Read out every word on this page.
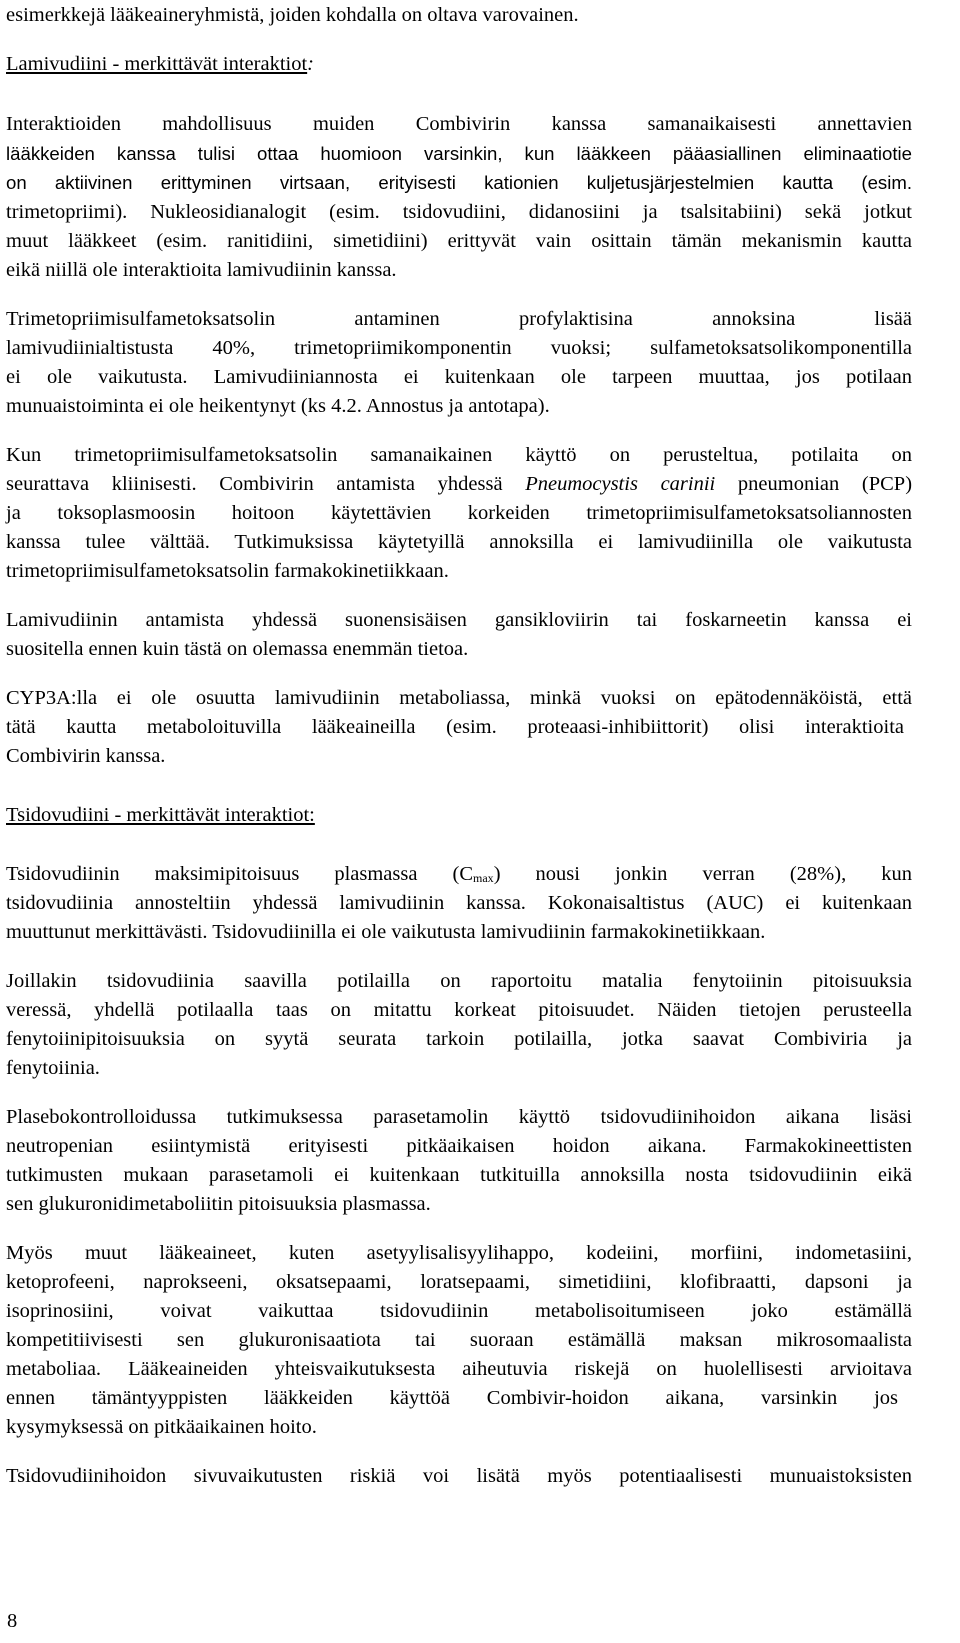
esimerkkejä lääkeaineryhmistä, joiden kohdalla on oltava varovainen.
Lamivudiini - merkittävät interaktiot:
Interaktioiden mahdollisuus muiden Combivirin kanssa samanaikaisesti annettavien
lääkkeiden kanssa tulisi ottaa huomioon varsinkin, kun lääkkeen pääasiallinen eliminaatiotie
on aktiivinen erittyminen virtsaan, erityisesti kationien kuljetusjärjestelmien kautta (esim.
trimetopriimi). Nukleosidianalogit (esim. tsidovudiini, didanosiini ja tsalsitabiini) sekä jotkut
muut lääkkeet (esim. ranitidiini, simetidiini) erittyvät vain osittain tämän mekanismin kautta
eikä niillä ole interaktioita lamivudiinin kanssa.
Trimetopriimisulfametoksatsolin antaminen profylaktisina annoksina lisää
lamivudiinialtistusta 40%, trimetopriimikomponentin vuoksi; sulfametoksatsolikomponentilla
ei ole vaikutusta. Lamivudiiniannosta ei kuitenkaan ole tarpeen muuttaa, jos potilaan
munuaistoiminta ei ole heikentynyt (ks 4.2. Annostus ja antotapa).
Kun trimetopriimisulfametoksatsolin samanaikainen käyttö on perusteltua, potilaita on
seurattava kliinisesti. Combivirin antamista yhdessä Pneumocystis carinii pneumonian (PCP)
ja toksoplasmoosin hoitoon käytettävien korkeiden trimetopriimisulfametoksatsoliannosten
kanssa tulee välttää. Tutkimuksissa käytetyillä annoksilla ei lamivudiinilla ole vaikutusta
trimetopriimisulfametoksatsolin farmakokinetiikkaan.
Lamivudiinin antamista yhdessä suonensisäisen gansikloviirin tai foskarneetin kanssa ei
suositella ennen kuin tästä on olemassa enemmän tietoa.
CYP3A:lla ei ole osuutta lamivudiinin metaboliassa, minkä vuoksi on epätodennäköistä, että
tätä kautta metaboloituvilla lääkeaineilla (esim. proteaasi-inhibiittorit) olisi interaktioita
Combivirin kanssa.
Tsidovudiini - merkittävät interaktiot:
Tsidovudiinin maksimipitoisuus plasmassa $(C_{max})$ nousi jonkin verran (28%), kun
tsidovudiinia annosteltiin yhdessä lamivudiinin kanssa. Kokonaisaltistus (AUC) ei kuitenkaan
muuttunut merkittävästi. Tsidovudiinilla ei ole vaikutusta lamivudiinin farmakokinetiikkaan.
Joillakin tsidovudiinia saavilla potilailla on raportoitu matalia fenytoiinin pitoisuuksia
veressä, yhdellä potilaalla taas on mitattu korkeat pitoisuudet. Näiden tietojen perusteella
fenytoiinipitoisuuksia on syytä seurata tarkoin potilailla, jotka saavat Combiviria ja
fenytoiinia.
Plasebokontrolloidussa tutkimuksessa parasetamolin käyttö tsidovudiinihoidon aikana lisäsi
neutropenian esiintymistä erityisesti pitkäaikaisen hoidon aikana. Farmakokineettisten
tutkimusten mukaan parasetamoli ei kuitenkaan tutkituilla annoksilla nosta tsidovudiinin eikä
sen glukuronidimetaboliitin pitoisuuksia plasmassa.
Myös muut lääkeaineet, kuten asetyylisalisyylihappo, kodeiini, morfiini, indometasiini,
ketoprofeeni, naprokseeni, oksatsepaami, loratsepaami, simetidiini, klofibraatti, dapsoni ja
isoprinosiini, voivat vaikuttaa tsidovudiinin metabolisoitumiseen joko estämällä
kompetitiivisesti sen glukuronisaatiota tai suoraan estämällä maksan mikrosomaalista
metaboliaa. Lääkeaineiden yhteisvaikutuksesta aiheutuvia riskejä on huolellisesti arvioitava
ennen tämäntyyppisten lääkkeiden käyttöä Combivir-hoidon aikana, varsinkin jos
kysymyksessä on pitkäaikainen hoito.
Tsidovudiinihoidon sivuvaikutusten riskiä voi lisätä myös potentiaalisesti munuaistoksisten
8
